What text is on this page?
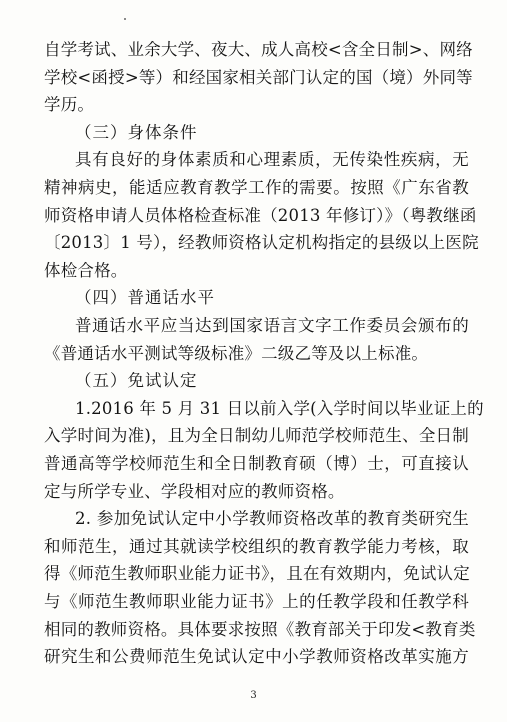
自学考试、业余大学、夜大、成人高校<含全日制>、网络
学校<函授>等）和经国家相关部门认定的国（境）外同等
学历。
（三）身体条件
具有良好的身体素质和心理素质，无传染性疾病，无
精神病史，能适应教育教学工作的需要。按照《广东省教
师资格申请人员体格检查标准（2013 年修订）》（粤教继函
〔2013〕1 号），经教师资格认定机构指定的县级以上医院
体检合格。
（四）普通话水平
普通话水平应当达到国家语言文字工作委员会颁布的
《普通话水平测试等级标准》二级乙等及以上标准。
（五）免试认定
1.2016 年 5 月 31 日以前入学(入学时间以毕业证上的
入学时间为准)，且为全日制幼儿师范学校师范生、全日制
普通高等学校师范生和全日制教育硕（博）士，可直接认
定与所学专业、学段相对应的教师资格。
2. 参加免试认定中小学教师资格改革的教育类研究生
和师范生，通过其就读学校组织的教育教学能力考核，取
得《师范生教师职业能力证书》，且在有效期内，免试认定
与《师范生教师职业能力证书》上的任教学段和任教学科
相同的教师资格。具体要求按照《教育部关于印发<教育类
研究生和公费师范生免试认定中小学教师资格改革实施方
3
